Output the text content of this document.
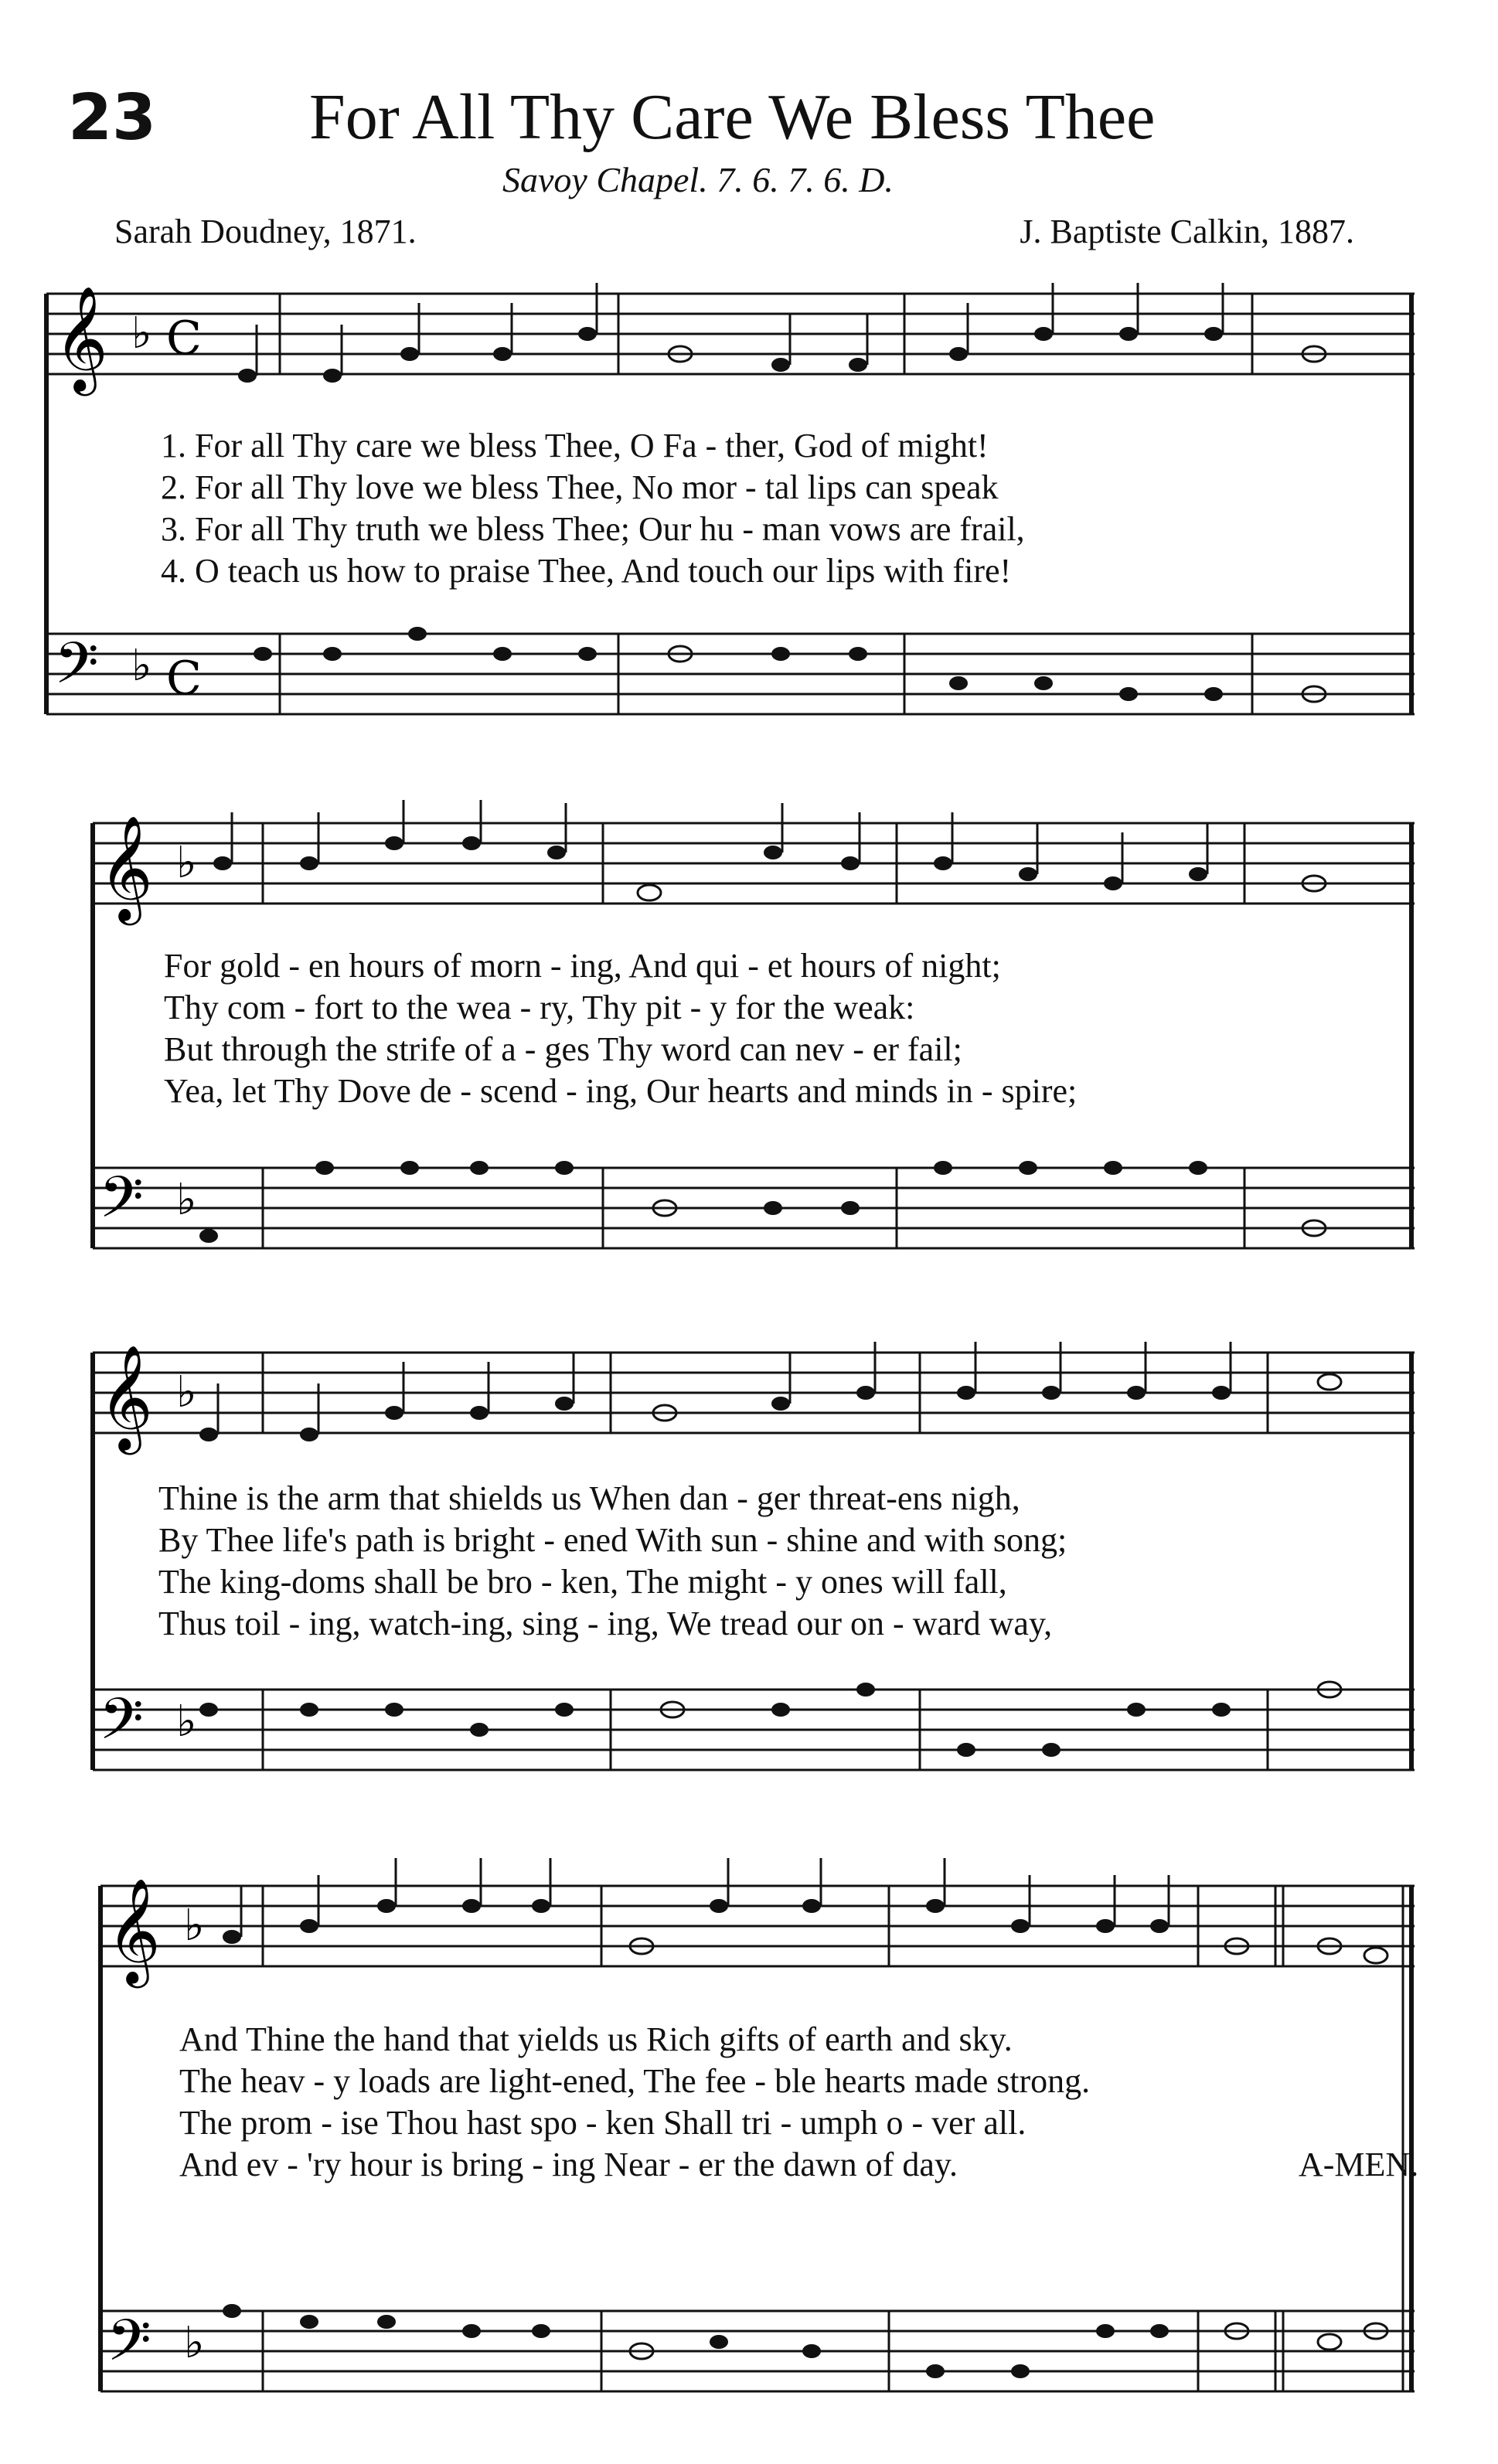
23 For All Thy Care We Bless Thee
Savoy Chapel. 7. 6. 7. 6. D.
Sarah Doudney, 1871.	J. Baptiste Calkin, 1887.
𝄞
𝄢
♭
♭
C
C
1. For all Thy care we bless Thee, O Fa - ther, God of might!
2. For all Thy love we bless Thee, No mor - tal lips can speak
3. For all Thy truth we bless Thee; Our hu - man vows are frail,
4. O teach us how to praise Thee, And touch our lips with fire!
𝄞
𝄢
♭
♭
For gold - en hours of morn - ing, And qui - et hours of night;
Thy com - fort to the wea - ry, Thy pit - y for the weak:
But through the strife of a - ges Thy word can nev - er fail;
Yea, let Thy Dove de - scend - ing, Our hearts and minds in - spire;
𝄞
𝄢
♭
♭
Thine is the arm that shields us When dan - ger threat-ens nigh,
By Thee life's path is bright - ened With sun - shine and with song;
The king-doms shall be bro - ken, The might - y ones will fall,
Thus toil - ing, watch-ing, sing - ing, We tread our on - ward way,
𝄞
𝄢
♭
♭
And Thine the hand that yields us Rich gifts of earth and sky.
The heav - y loads are light-ened, The fee - ble hearts made strong.
The prom - ise Thou hast spo - ken Shall tri - umph o - ver all.
And ev - 'ry hour is bring - ing Near - er the dawn of day.	A-MEN.
